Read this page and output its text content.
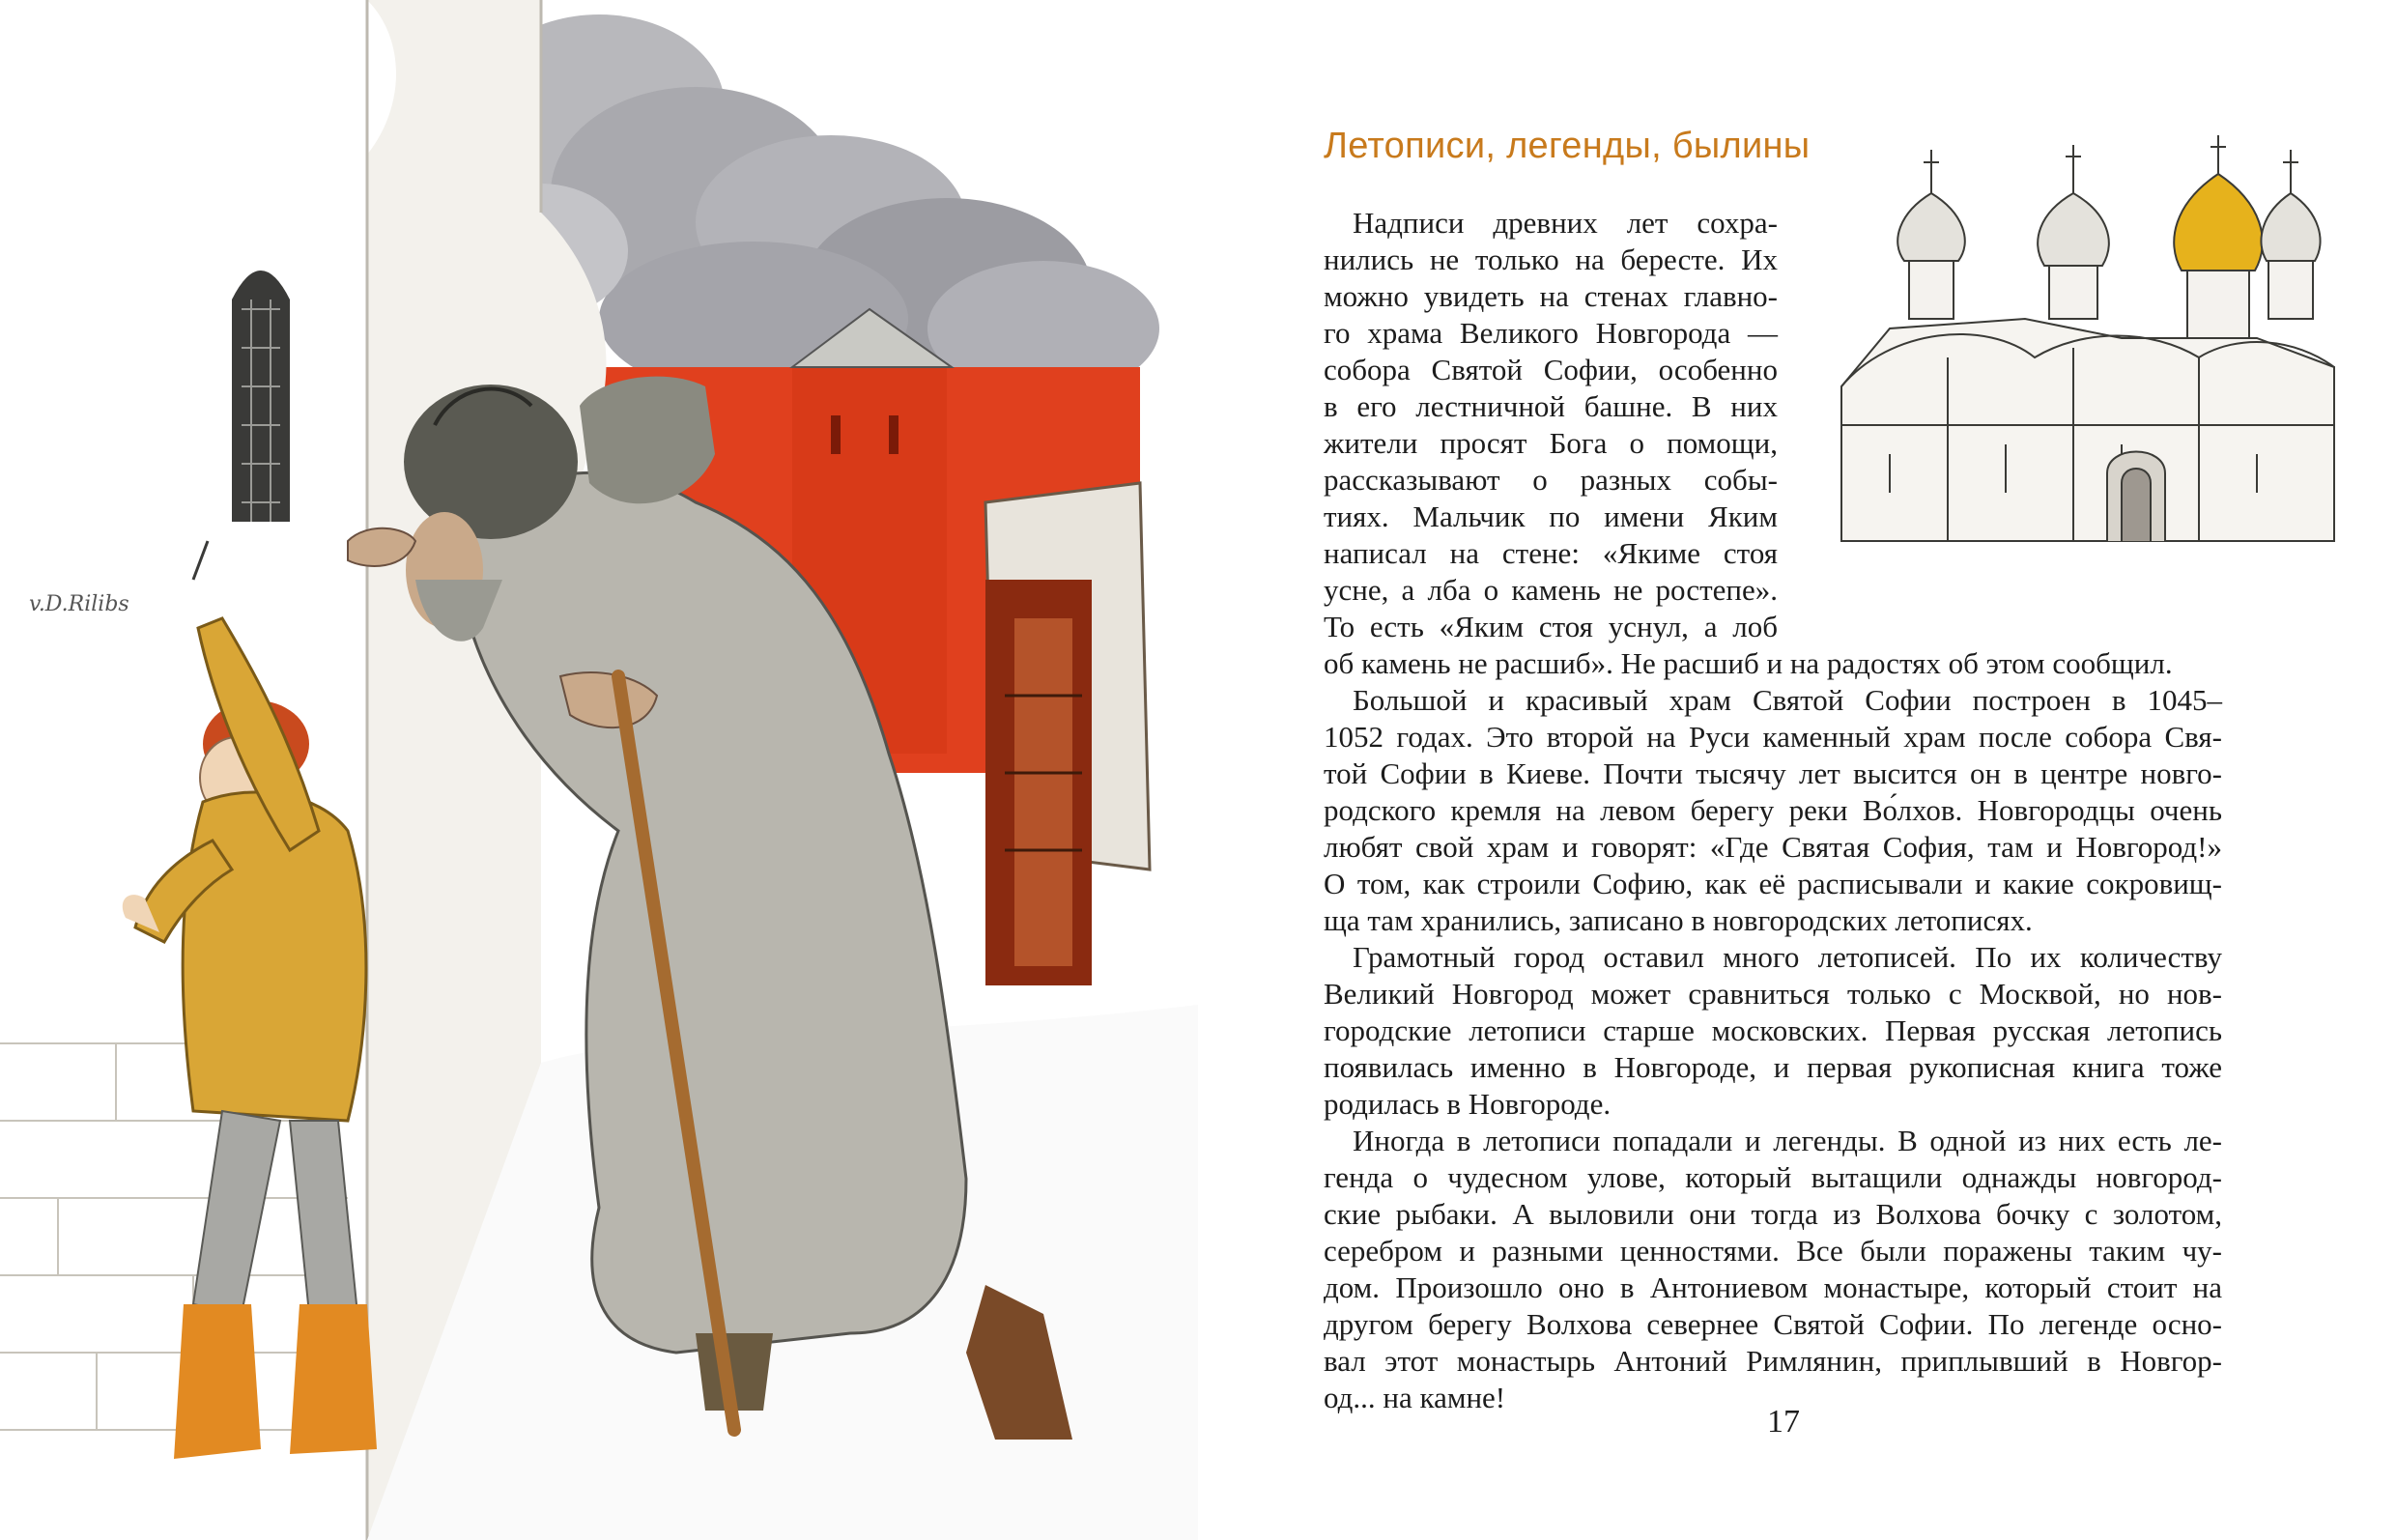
v.D.Rilibs
Летописи, легенды, былины
Надписи древних лет сохра-
нились не только на бересте. Их
можно увидеть на стенах главно-
го храма Великого Новгорода —
собора Святой Софии, особенно
в его лестничной башне. В них
жители просят Бога о помощи,
рассказывают о разных собы-
тиях. Мальчик по имени Яким
написал на стене: «Якиме стоя
усне, а лба о камень не ростепе».
То есть «Яким стоя уснул, а лоб
об камень не расшиб». Не расшиб и на радостях об этом сообщил.
Большой и красивый храм Святой Софии построен в 1045–
1052 годах. Это второй на Руси каменный храм после собора Свя-
той Софии в Киеве. Почти тысячу лет высится он в центре новго-
родского кремля на левом берегу реки Во́лхов. Новгородцы очень
любят свой храм и говорят: «Где Святая София, там и Новгород!»
О том, как строили Софию, как её расписывали и какие сокровищ-
ща там хранились, записано в новгородских летописях.
Грамотный город оставил много летописей. По их количеству
Великий Новгород может сравниться только с Москвой, но нов-
городские летописи старше московских. Первая русская летопись
появилась именно в Новгороде, и первая рукописная книга тоже
родилась в Новгороде.
Иногда в летописи попадали и легенды. В одной из них есть ле-
генда о чудесном улове, который вытащили однажды новгород-
ские рыбаки. А выловили они тогда из Волхова бочку с золотом,
серебром и разными ценностями. Все были поражены таким чу-
дом. Произошло оно в Антониевом монастыре, который стоит на
другом берегу Волхова севернее Святой Софии. По легенде осно-
вал этот монастырь Антоний Римлянин, приплывший в Новгор-
од... на камне!
17
